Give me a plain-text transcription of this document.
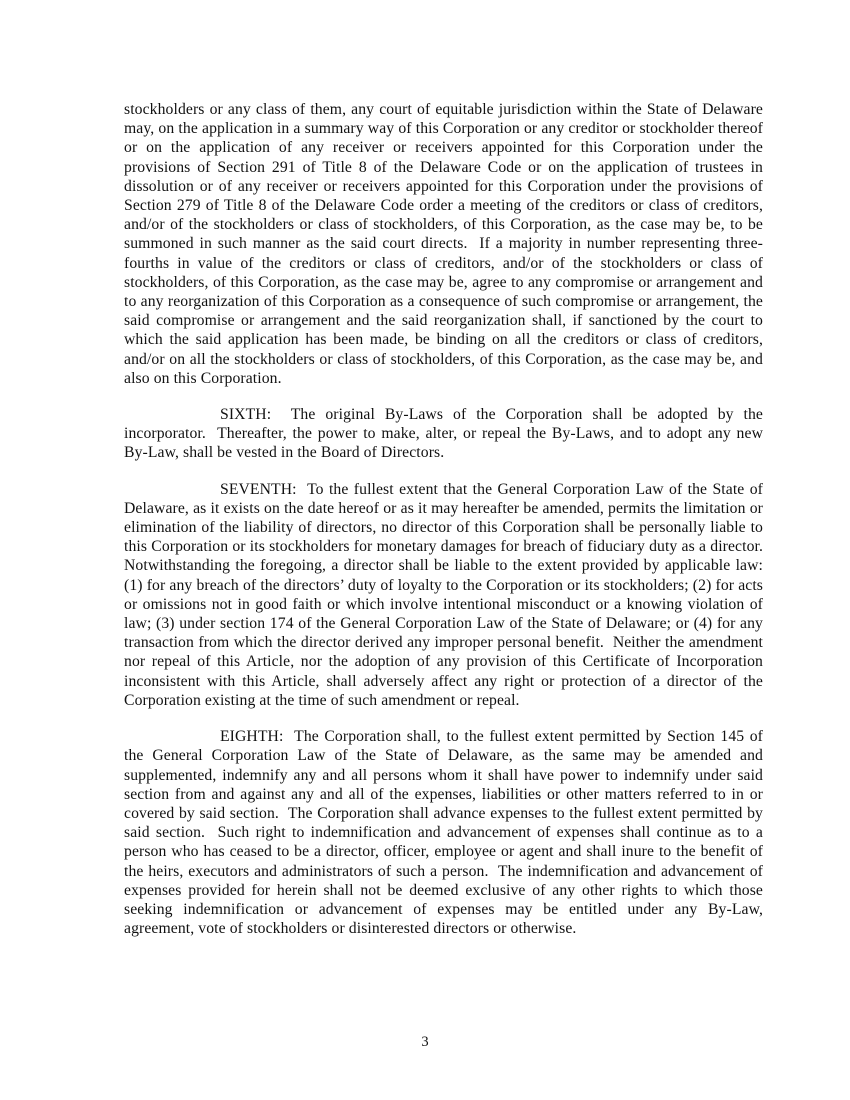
stockholders or any class of them, any court of equitable jurisdiction within the State of Delaware may, on the application in a summary way of this Corporation or any creditor or stockholder thereof or on the application of any receiver or receivers appointed for this Corporation under the provisions of Section 291 of Title 8 of the Delaware Code or on the application of trustees in dissolution or of any receiver or receivers appointed for this Corporation under the provisions of Section 279 of Title 8 of the Delaware Code order a meeting of the creditors or class of creditors, and/or of the stockholders or class of stockholders, of this Corporation, as the case may be, to be summoned in such manner as the said court directs.  If a majority in number representing three-fourths in value of the creditors or class of creditors, and/or of the stockholders or class of stockholders, of this Corporation, as the case may be, agree to any compromise or arrangement and to any reorganization of this Corporation as a consequence of such compromise or arrangement, the said compromise or arrangement and the said reorganization shall, if sanctioned by the court to which the said application has been made, be binding on all the creditors or class of creditors, and/or on all the stockholders or class of stockholders, of this Corporation, as the case may be, and also on this Corporation.

SIXTH:  The original By-Laws of the Corporation shall be adopted by the incorporator.  Thereafter, the power to make, alter, or repeal the By-Laws, and to adopt any new By-Law, shall be vested in the Board of Directors.

SEVENTH:  To the fullest extent that the General Corporation Law of the State of Delaware, as it exists on the date hereof or as it may hereafter be amended, permits the limitation or elimination of the liability of directors, no director of this Corporation shall be personally liable to this Corporation or its stockholders for monetary damages for breach of fiduciary duty as a director.  Notwithstanding the foregoing, a director shall be liable to the extent provided by applicable law: (1) for any breach of the directors’ duty of loyalty to the Corporation or its stockholders; (2) for acts or omissions not in good faith or which involve intentional misconduct or a knowing violation of law; (3) under section 174 of the General Corporation Law of the State of Delaware; or (4) for any transaction from which the director derived any improper personal benefit.  Neither the amendment nor repeal of this Article, nor the adoption of any provision of this Certificate of Incorporation inconsistent with this Article, shall adversely affect any right or protection of a director of the Corporation existing at the time of such amendment or repeal.

EIGHTH:  The Corporation shall, to the fullest extent permitted by Section 145 of the General Corporation Law of the State of Delaware, as the same may be amended and supplemented, indemnify any and all persons whom it shall have power to indemnify under said section from and against any and all of the expenses, liabilities or other matters referred to in or covered by said section.  The Corporation shall advance expenses to the fullest extent permitted by said section.  Such right to indemnification and advancement of expenses shall continue as to a person who has ceased to be a director, officer, employee or agent and shall inure to the benefit of the heirs, executors and administrators of such a person.  The indemnification and advancement of expenses provided for herein shall not be deemed exclusive of any other rights to which those seeking indemnification or advancement of expenses may be entitled under any By-Law, agreement, vote of stockholders or disinterested directors or otherwise.

3
